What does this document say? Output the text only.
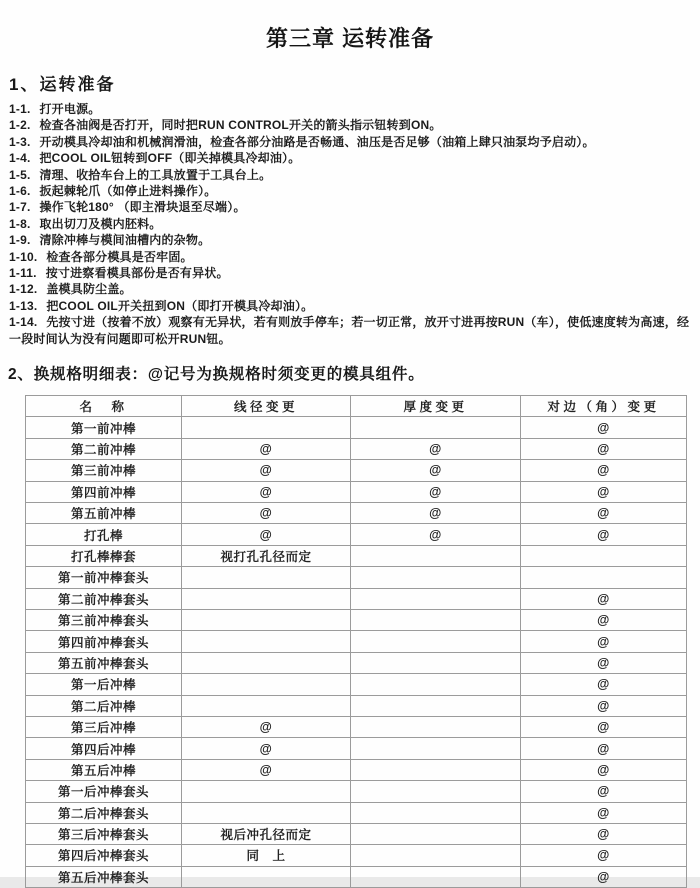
第三章 运转准备
1、运转准备
1-1. 打开电源。
1-2. 检查各油阀是否打开，同时把RUN CONTROL开关的箭头指示钮转到ON。
1-3. 开动模具冷却油和机械润滑油，检查各部分油路是否畅通、油压是否足够（油箱上肆只油泵均予启动）。
1-4. 把COOL OIL钮转到OFF（即关掉模具冷却油）。
1-5. 清理、收拾车台上的工具放置于工具台上。
1-6. 扳起棘轮爪（如停止进料操作）。
1-7. 操作飞轮180° （即主滑块退至尽端）。
1-8. 取出切刀及模内胚料。
1-9. 清除冲棒与模间油槽内的杂物。
1-10. 检查各部分模具是否牢固。
1-11. 按寸进察看模具部份是否有异状。
1-12. 盖模具防尘盖。
1-13. 把COOL OIL开关扭到ON（即打开模具冷却油）。
1-14. 先按寸进（按着不放）观察有无异状，若有则放手停车；若一切正常，放开寸进再按RUN（车），使低速度转为高速，经一段时间认为没有问题即可松开RUN钮。
2、换规格明细表：@记号为换规格时须变更的模具组件。
名　称	线径变更	厚度变更	对边（角）变更
第一前冲棒			@
第二前冲棒	@	@	@
第三前冲棒	@	@	@
第四前冲棒	@	@	@
第五前冲棒	@	@	@
打孔棒	@	@	@
打孔棒棒套	视打孔孔径而定		
第一前冲棒套头			
第二前冲棒套头			@
第三前冲棒套头			@
第四前冲棒套头			@
第五前冲棒套头			@
第一后冲棒			@
第二后冲棒			@
第三后冲棒	@		@
第四后冲棒	@		@
第五后冲棒	@		@
第一后冲棒套头			@
第二后冲棒套头			@
第三后冲棒套头	视后冲孔径而定		@
第四后冲棒套头	同　上		@
第五后冲棒套头			@
